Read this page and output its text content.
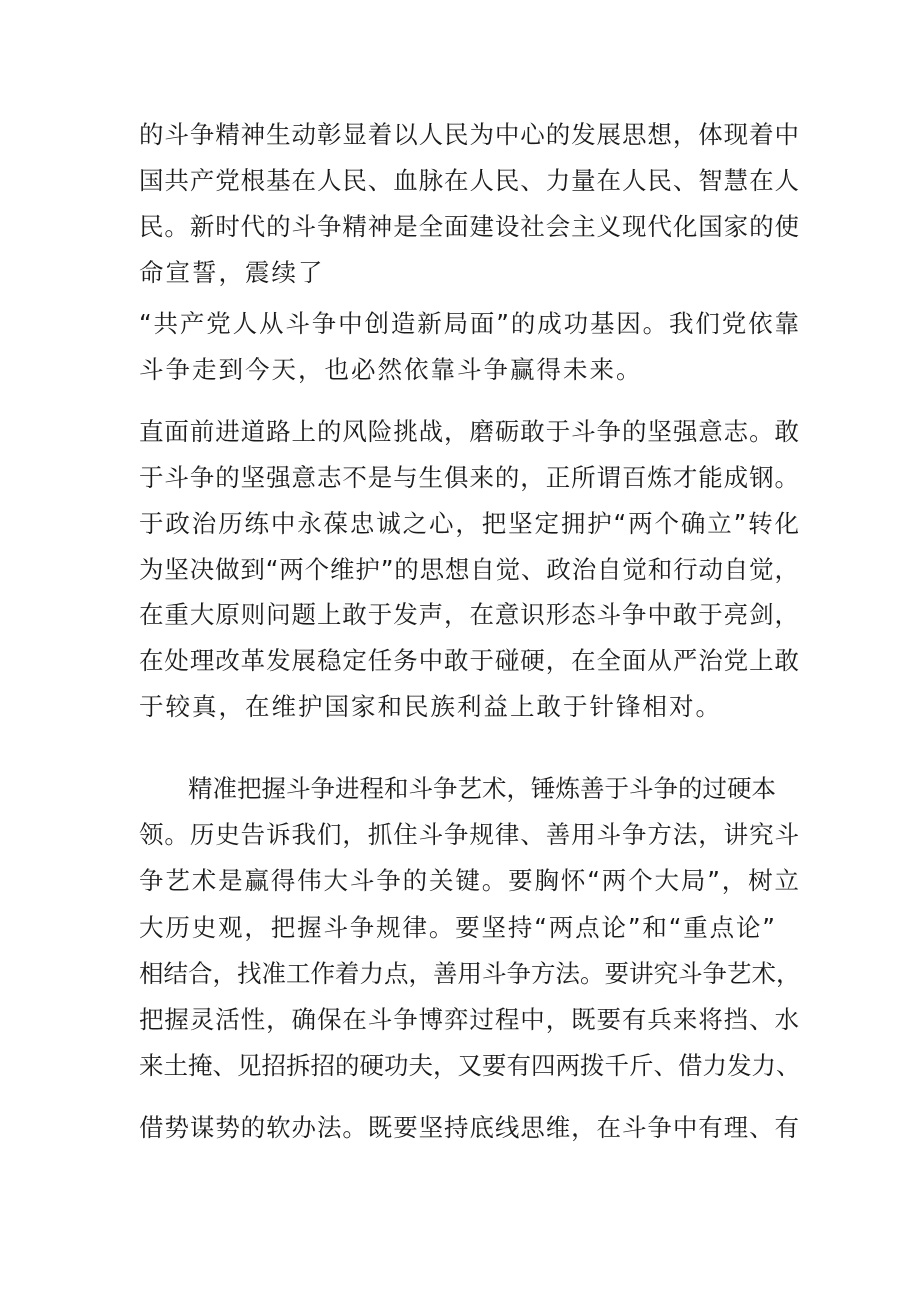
的斗争精神生动彰显着以人民为中心的发展思想，体现着中
国共产党根基在人民、血脉在人民、力量在人民、智慧在人
民。新时代的斗争精神是全面建设社会主义现代化国家的使
命宣誓，震续了
“共产党人从斗争中创造新局面”的成功基因。我们党依靠
斗争走到今天，也必然依靠斗争赢得未来。
直面前进道路上的风险挑战，磨砺敢于斗争的坚强意志。敢
于斗争的坚强意志不是与生俱来的，正所谓百炼才能成钢。
于政治历练中永葆忠诚之心，把坚定拥护“两个确立”转化
为坚决做到“两个维护”的思想自觉、政治自觉和行动自觉，
在重大原则问题上敢于发声，在意识形态斗争中敢于亮剑，
在处理改革发展稳定任务中敢于碰硬，在全面从严治党上敢
于较真，在维护国家和民族利益上敢于针锋相对。
精准把握斗争进程和斗争艺术，锤炼善于斗争的过硬本
领。历史告诉我们，抓住斗争规律、善用斗争方法，讲究斗
争艺术是赢得伟大斗争的关键。要胸怀“两个大局”，树立
大历史观，把握斗争规律。要坚持“两点论”和“重点论”
相结合，找准工作着力点，善用斗争方法。要讲究斗争艺术，
把握灵活性，确保在斗争博弈过程中，既要有兵来将挡、水
来土掩、见招拆招的硬功夫，又要有四两拨千斤、借力发力、
借势谋势的软办法。既要坚持底线思维，在斗争中有理、有
